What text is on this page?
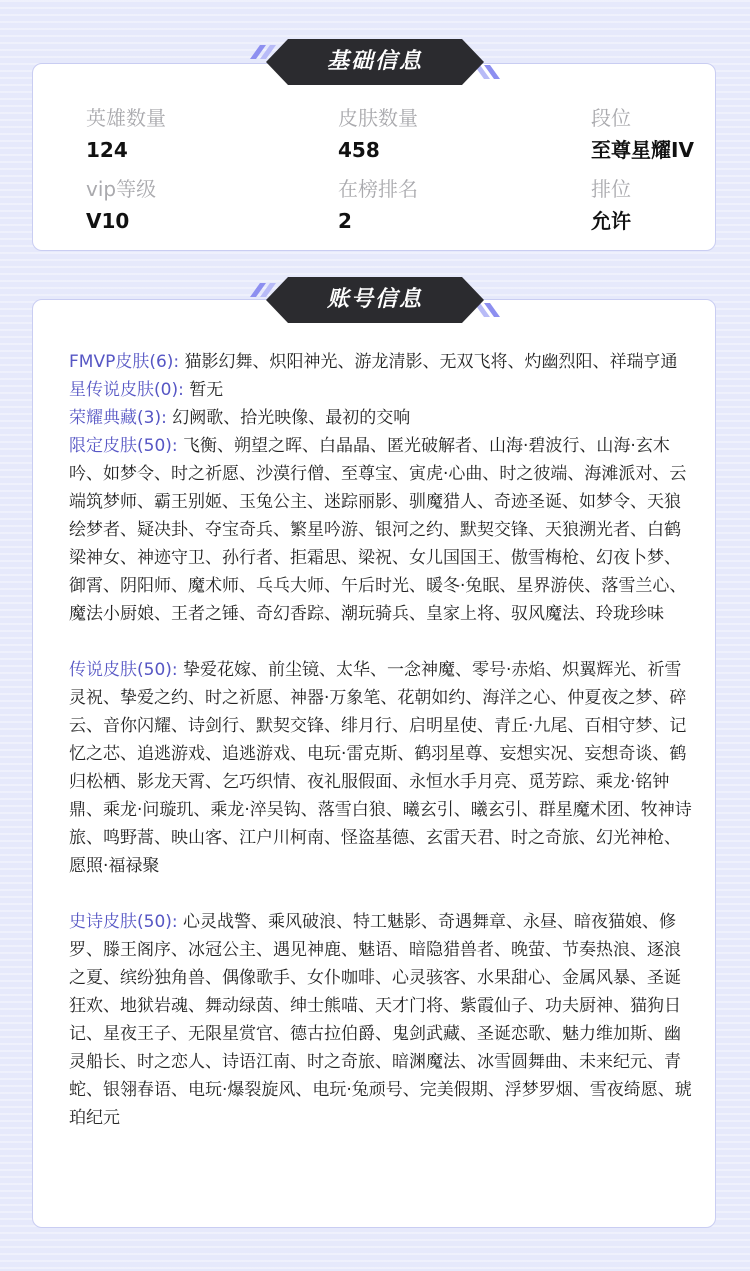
英雄数量
124
皮肤数量
458
段位
至尊星耀IV
vip等级
V10
在榜排名
2
排位
允许
基础信息

FMVP皮肤(6): 猫影幻舞、炽阳神光、游龙清影、无双飞将、灼幽烈阳、祥瑞亨通

星传说皮肤(0): 暂无

荣耀典藏(3): 幻阙歌、拾光映像、最初的交响

限定皮肤(50): 飞衡、朔望之晖、白晶晶、匿光破解者、山海·碧波行、山海·玄木吟、如梦令、时之祈愿、沙漠行僧、至尊宝、寅虎·心曲、时之彼端、海滩派对、云端筑梦师、霸王别姬、玉兔公主、迷踪丽影、驯魔猎人、奇迹圣诞、如梦令、天狼绘梦者、疑决卦、夺宝奇兵、繁星吟游、银河之约、默契交锋、天狼溯光者、白鹤梁神女、神迹守卫、孙行者、拒霜思、梁祝、女儿国国王、傲雪梅枪、幻夜卜梦、御霄、阴阳师、魔术师、乓乓大师、午后时光、暖冬·兔眠、星界游侠、落雪兰心、魔法小厨娘、王者之锤、奇幻香踪、潮玩骑兵、皇家上将、驭风魔法、玲珑珍味

传说皮肤(50): 挚爱花嫁、前尘镜、太华、一念神魔、零号·赤焰、炽翼辉光、祈雪灵祝、挚爱之约、时之祈愿、神器·万象笔、花朝如约、海洋之心、仲夏夜之梦、碎云、音你闪耀、诗剑行、默契交锋、绯月行、启明星使、青丘·九尾、百相守梦、记忆之芯、追逃游戏、追逃游戏、电玩·雷克斯、鹤羽星尊、妄想实况、妄想奇谈、鹤归松栖、影龙天霄、乞巧织情、夜礼服假面、永恒水手月亮、觅芳踪、乘龙·铭钟鼎、乘龙·问璇玑、乘龙·淬吴钩、落雪白狼、曦玄引、曦玄引、群星魔术团、牧神诗旅、鸣野蒿、映山客、江户川柯南、怪盗基德、玄雷天君、时之奇旅、幻光神枪、愿照·福禄聚

史诗皮肤(50): 心灵战警、乘风破浪、特工魅影、奇遇舞章、永昼、暗夜猫娘、修罗、滕王阁序、冰冠公主、遇见神鹿、魅语、暗隐猎兽者、晚萤、节奏热浪、逐浪之夏、缤纷独角兽、偶像歌手、女仆咖啡、心灵骇客、水果甜心、金属风暴、圣诞狂欢、地狱岩魂、舞动绿茵、绅士熊喵、天才门将、紫霞仙子、功夫厨神、猫狗日记、星夜王子、无限星赏官、德古拉伯爵、鬼剑武藏、圣诞恋歌、魅力维加斯、幽灵船长、时之恋人、诗语江南、时之奇旅、暗渊魔法、冰雪圆舞曲、未来纪元、青蛇、银翎春语、电玩·爆裂旋风、电玩·兔顽号、完美假期、浮梦罗烟、雪夜绮愿、琥珀纪元

账号信息
